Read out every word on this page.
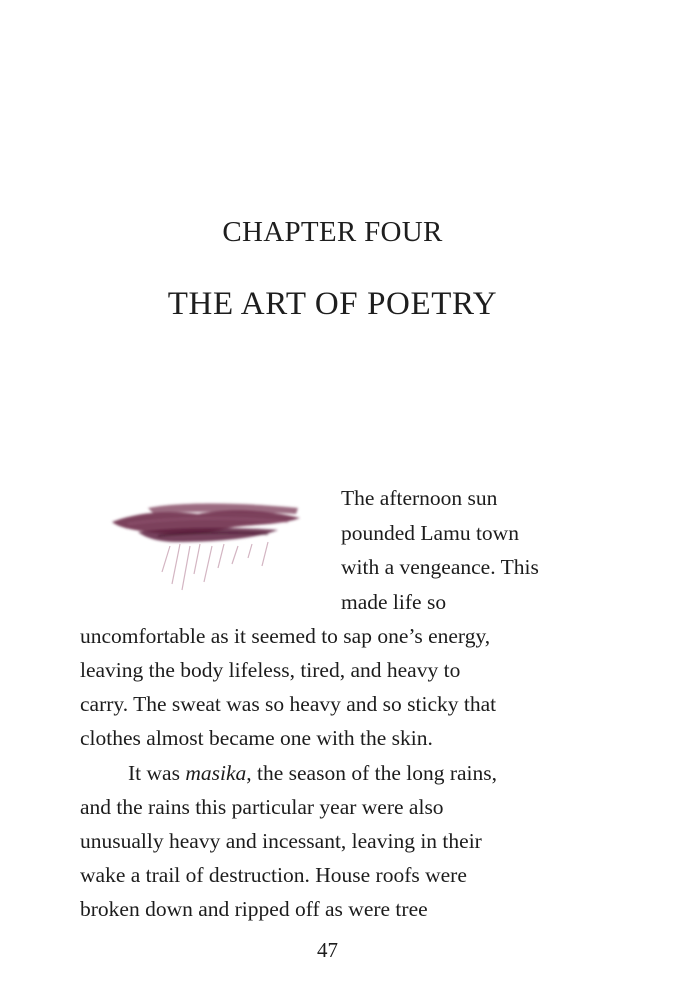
CHAPTER FOUR
THE ART OF POETRY
The afternoon sun
pounded Lamu town
with a vengeance. This
made life so
uncomfortable as it seemed to sap one’s energy,
leaving the body lifeless, tired, and heavy to
carry. The sweat was so heavy and so sticky that
clothes almost became one with the skin.
It was masika, the season of the long rains,
and the rains this particular year were also
unusually heavy and incessant, leaving in their
wake a trail of destruction. House roofs were
broken down and ripped off as were tree
47
